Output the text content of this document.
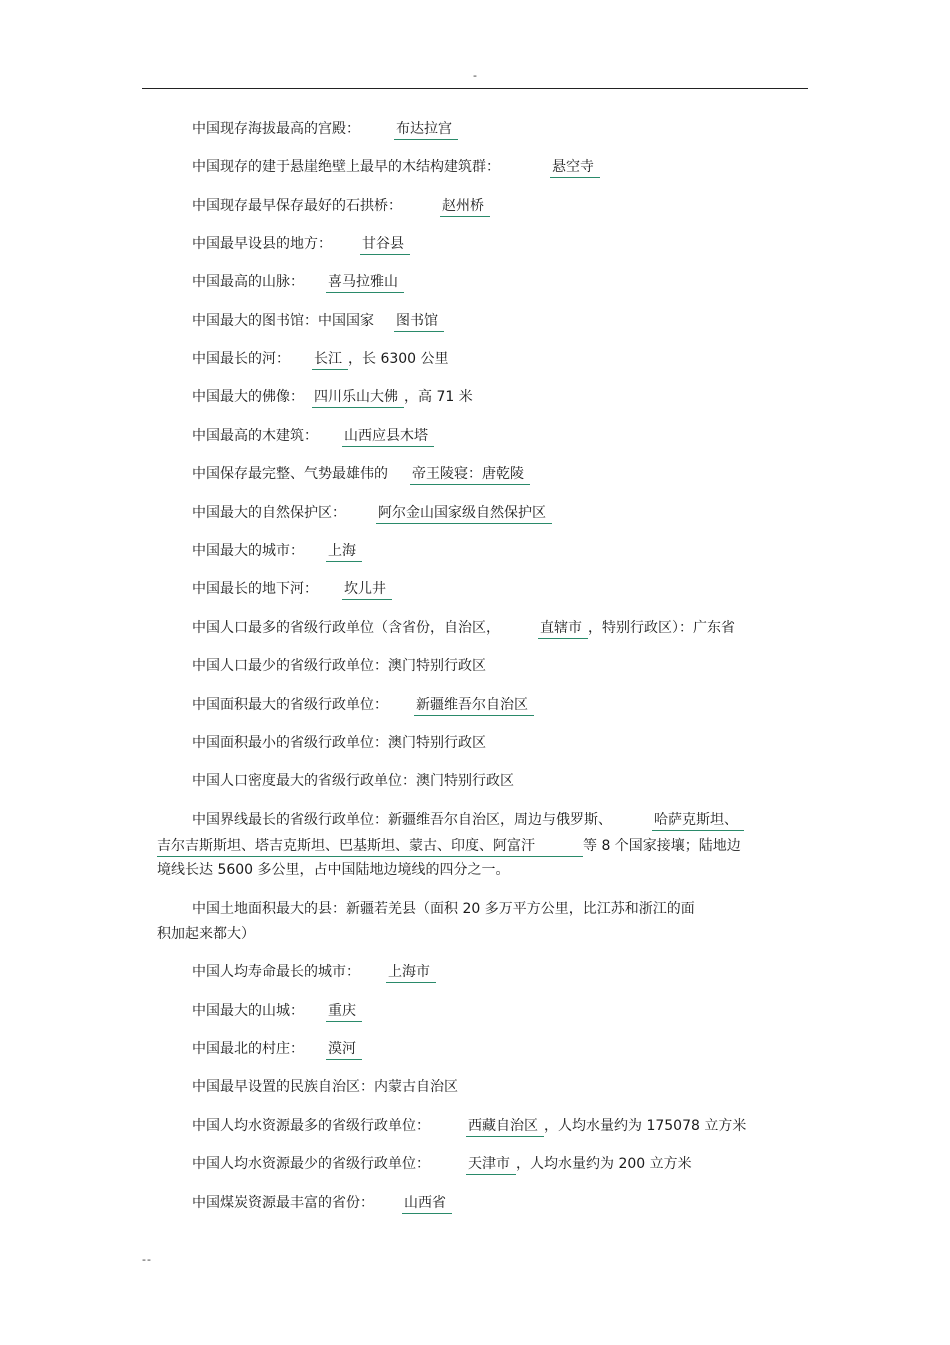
-
中国现存海拔最高的宫殿：	布达拉宫
中国现存的建于悬崖绝壁上最早的木结构建筑群：	悬空寺
中国现存最早保存最好的石拱桥：	赵州桥
中国最早设县的地方： 甘谷县
中国最高的山脉： 喜马拉雅山
中国最大的图书馆：中国国家 图书馆
中国最长的河： 长江 ，长 6300 公里
中国最大的佛像： 四川乐山大佛 ，高 71 米
中国最高的木建筑： 山西应县木塔
中国保存最完整、气势最雄伟的 帝王陵寝：唐乾陵
中国最大的自然保护区： 阿尔金山国家级自然保护区
中国最大的城市： 上海
中国最长的地下河： 坎儿井
中国人口最多的省级行政单位（含省份，自治区，	直辖市 ，特别行政区）：广东省
中国人口最少的省级行政单位：澳门特别行政区
中国面积最大的省级行政单位： 新疆维吾尔自治区
中国面积最小的省级行政单位：澳门特别行政区
中国人口密度最大的省级行政单位：澳门特别行政区
中国界线最长的省级行政单位：新疆维吾尔自治区，周边与俄罗斯、	哈萨克斯坦、
吉尔吉斯斯坦、塔吉克斯坦、巴基斯坦、蒙古、印度、阿富汗	等 8 个国家接壤；陆地边
境线长达 5600 多公里，占中国陆地边境线的四分之一。
中国土地面积最大的县：新疆若羌县（面积 20 多万平方公里，比江苏和浙江的面
积加起来都大）
中国人均寿命最长的城市： 上海市
中国最大的山城： 重庆
中国最北的村庄： 漠河
中国最早设置的民族自治区：内蒙古自治区
中国人均水资源最多的省级行政单位：	西藏自治区 ，人均水量约为 175078 立方米
中国人均水资源最少的省级行政单位：	天津市 ，人均水量约为 200 立方米
中国煤炭资源最丰富的省份： 山西省
--
